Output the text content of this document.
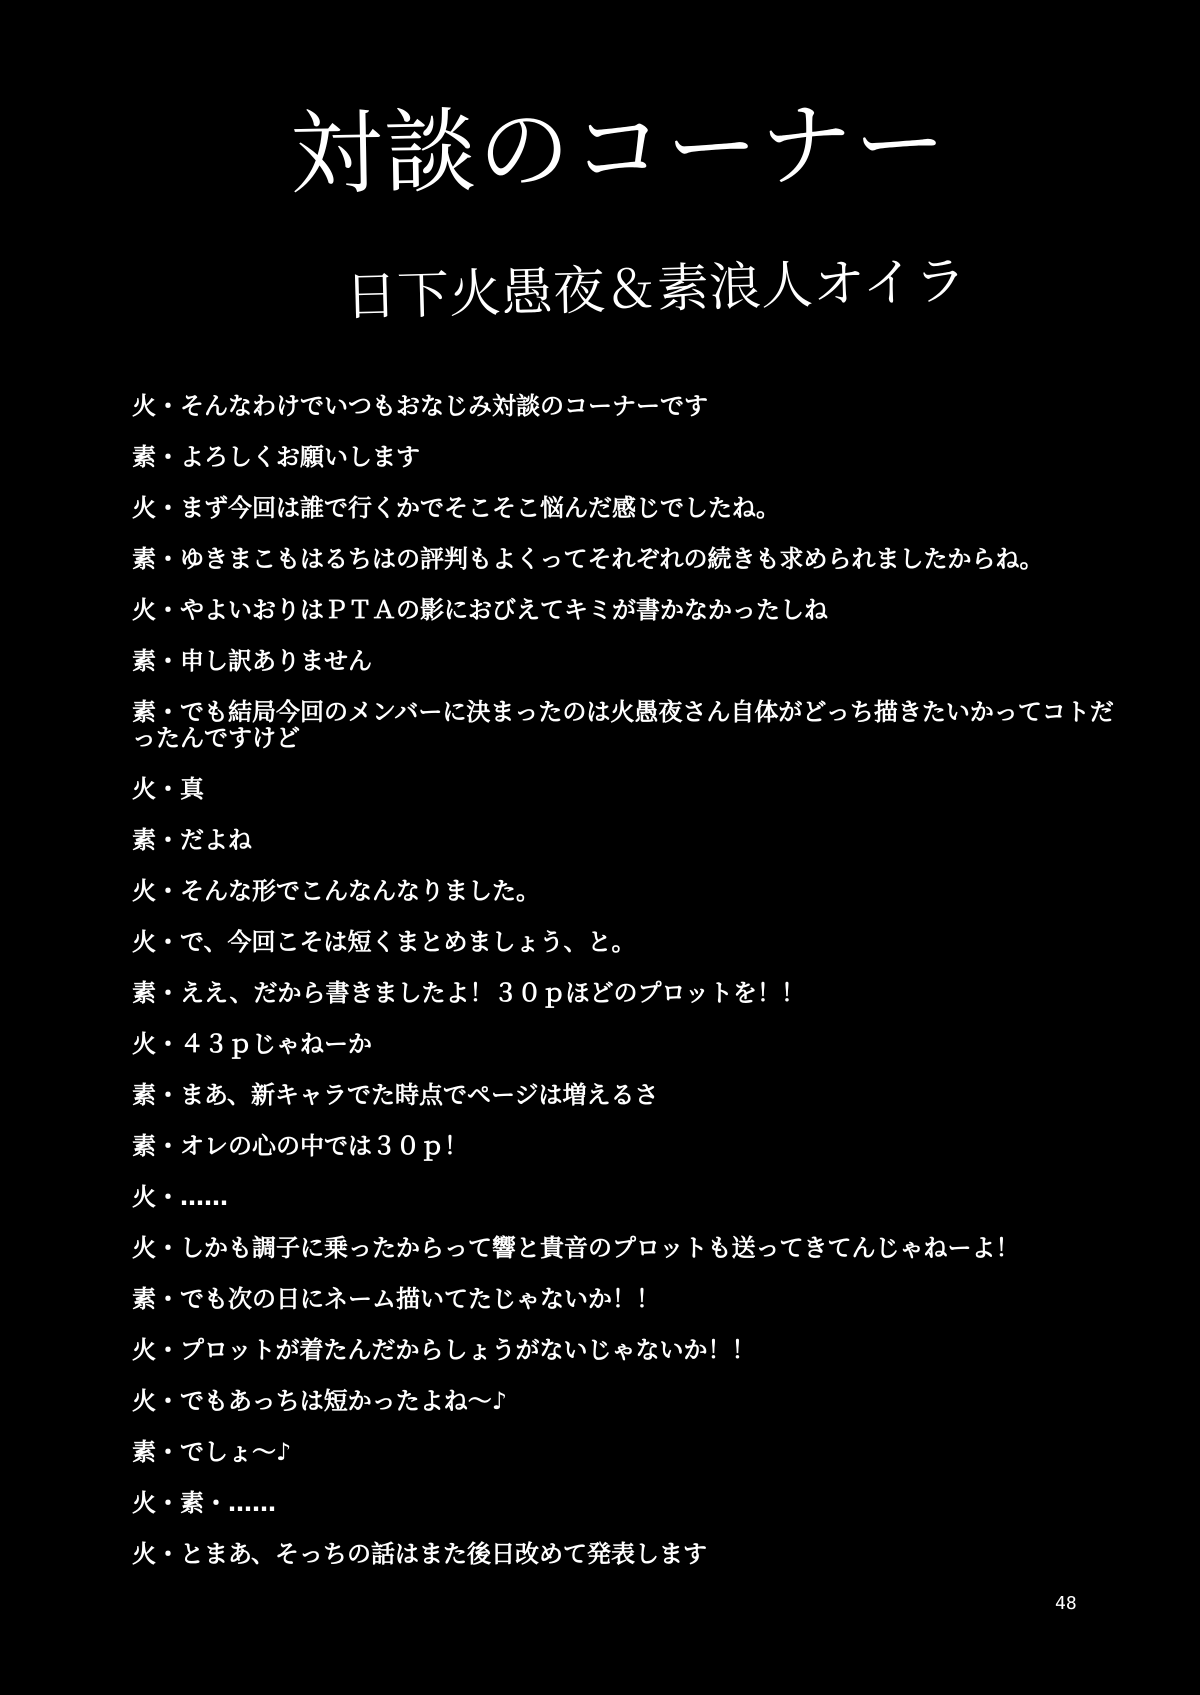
対談のコーナー
日下火愚夜＆素浪人オイラ
火・そんなわけでいつもおなじみ対談のコーナーです
素・よろしくお願いします
火・まず今回は誰で行くかでそこそこ悩んだ感じでしたね。
素・ゆきまこもはるちはの評判もよくってそれぞれの続きも求められましたからね。
火・やよいおりはＰＴＡの影におびえてキミが書かなかったしね
素・申し訳ありません
素・でも結局今回のメンバーに決まったのは火愚夜さん自体がどっち描きたいかってコトだったんですけど
火・真
素・だよね
火・そんな形でこんなんなりました。
火・で、今回こそは短くまとめましょう、と。
素・ええ、だから書きましたよ！３０ｐほどのプロットを！！
火・４３ｐじゃねーか
素・まあ、新キャラでた時点でページは増えるさ
素・オレの心の中では３０ｐ！
火・……
火・しかも調子に乗ったからって響と貴音のプロットも送ってきてんじゃねーよ！
素・でも次の日にネーム描いてたじゃないか！！
火・プロットが着たんだからしょうがないじゃないか！！
火・でもあっちは短かったよね～♪
素・でしょ～♪
火・素・……
火・とまあ、そっちの話はまた後日改めて発表します
48
